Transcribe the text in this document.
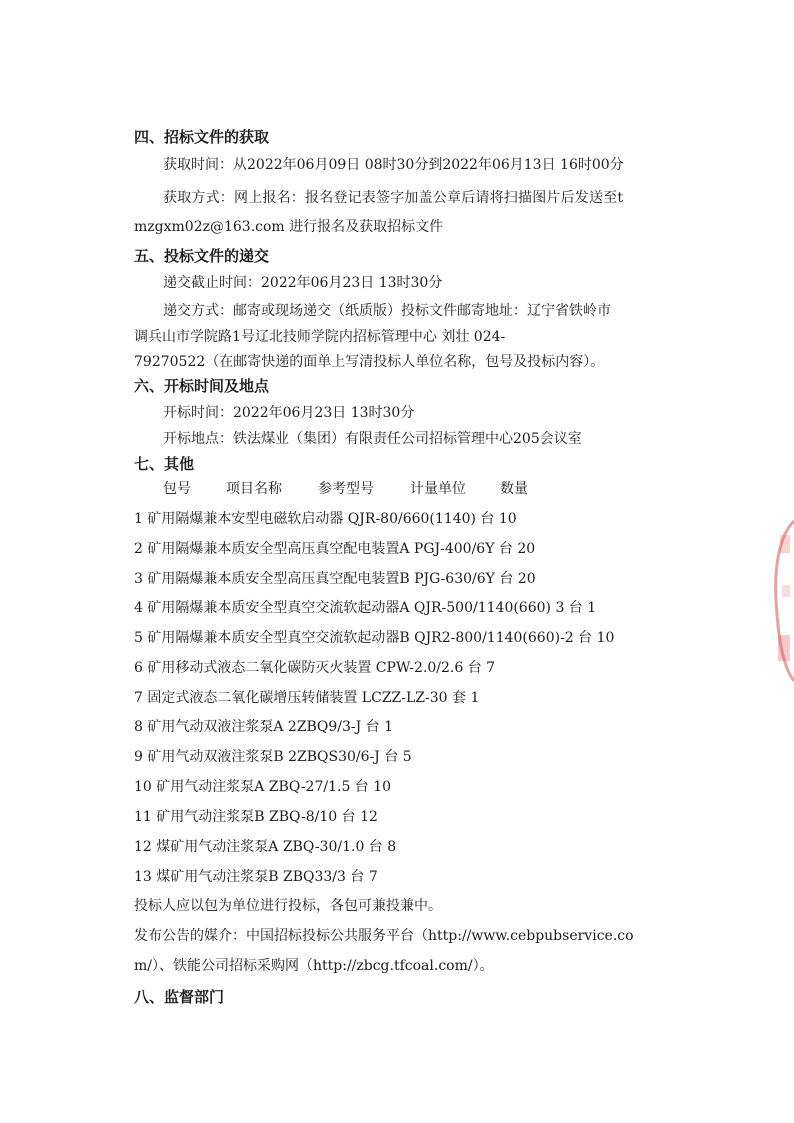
四、招标文件的获取
获取时间：从2022年06月09日 08时30分到2022年06月13日 16时00分
获取方式：网上报名：报名登记表签字加盖公章后请将扫描图片后发送至t
mzgxm02z@163.com 进行报名及获取招标文件
五、投标文件的递交
递交截止时间：2022年06月23日 13时30分
递交方式：邮寄或现场递交（纸质版）投标文件邮寄地址：辽宁省铁岭市
调兵山市学院路1号辽北技师学院内招标管理中心 刘壮 024-
79270522（在邮寄快递的面单上写清投标人单位名称，包号及投标内容）。
六、开标时间及地点
开标时间：2022年06月23日 13时30分
开标地点：铁法煤业（集团）有限责任公司招标管理中心205会议室
七、其他
包号	项目名称	参考型号	计量单位 数量
1 矿用隔爆兼本安型电磁软启动器 QJR-80/660(1140) 台 10
2 矿用隔爆兼本质安全型高压真空配电装置A PGJ-400/6Y 台 20
3 矿用隔爆兼本质安全型高压真空配电装置B PJG-630/6Y 台 20
4 矿用隔爆兼本质安全型真空交流软起动器A QJR-500/1140(660) 3 台 1
5 矿用隔爆兼本质安全型真空交流软起动器B QJR2-800/1140(660)-2 台 10
6 矿用移动式液态二氧化碳防灭火装置 CPW-2.0/2.6 台 7
7 固定式液态二氧化碳增压转储装置 LCZZ-LZ-30 套 1
8 矿用气动双液注浆泵A 2ZBQ9/3-J 台 1
9 矿用气动双液注浆泵B 2ZBQS30/6-J 台 5
10 矿用气动注浆泵A ZBQ-27/1.5 台 10
11 矿用气动注浆泵B ZBQ-8/10 台 12
12 煤矿用气动注浆泵A ZBQ-30/1.0 台 8
13 煤矿用气动注浆泵B ZBQ33/3 台 7
投标人应以包为单位进行投标，各包可兼投兼中。
发布公告的媒介：中国招标投标公共服务平台（http://www.cebpubservice.co
m/）、铁能公司招标采购网（http://zbcg.tfcoal.com/）。
八、监督部门
